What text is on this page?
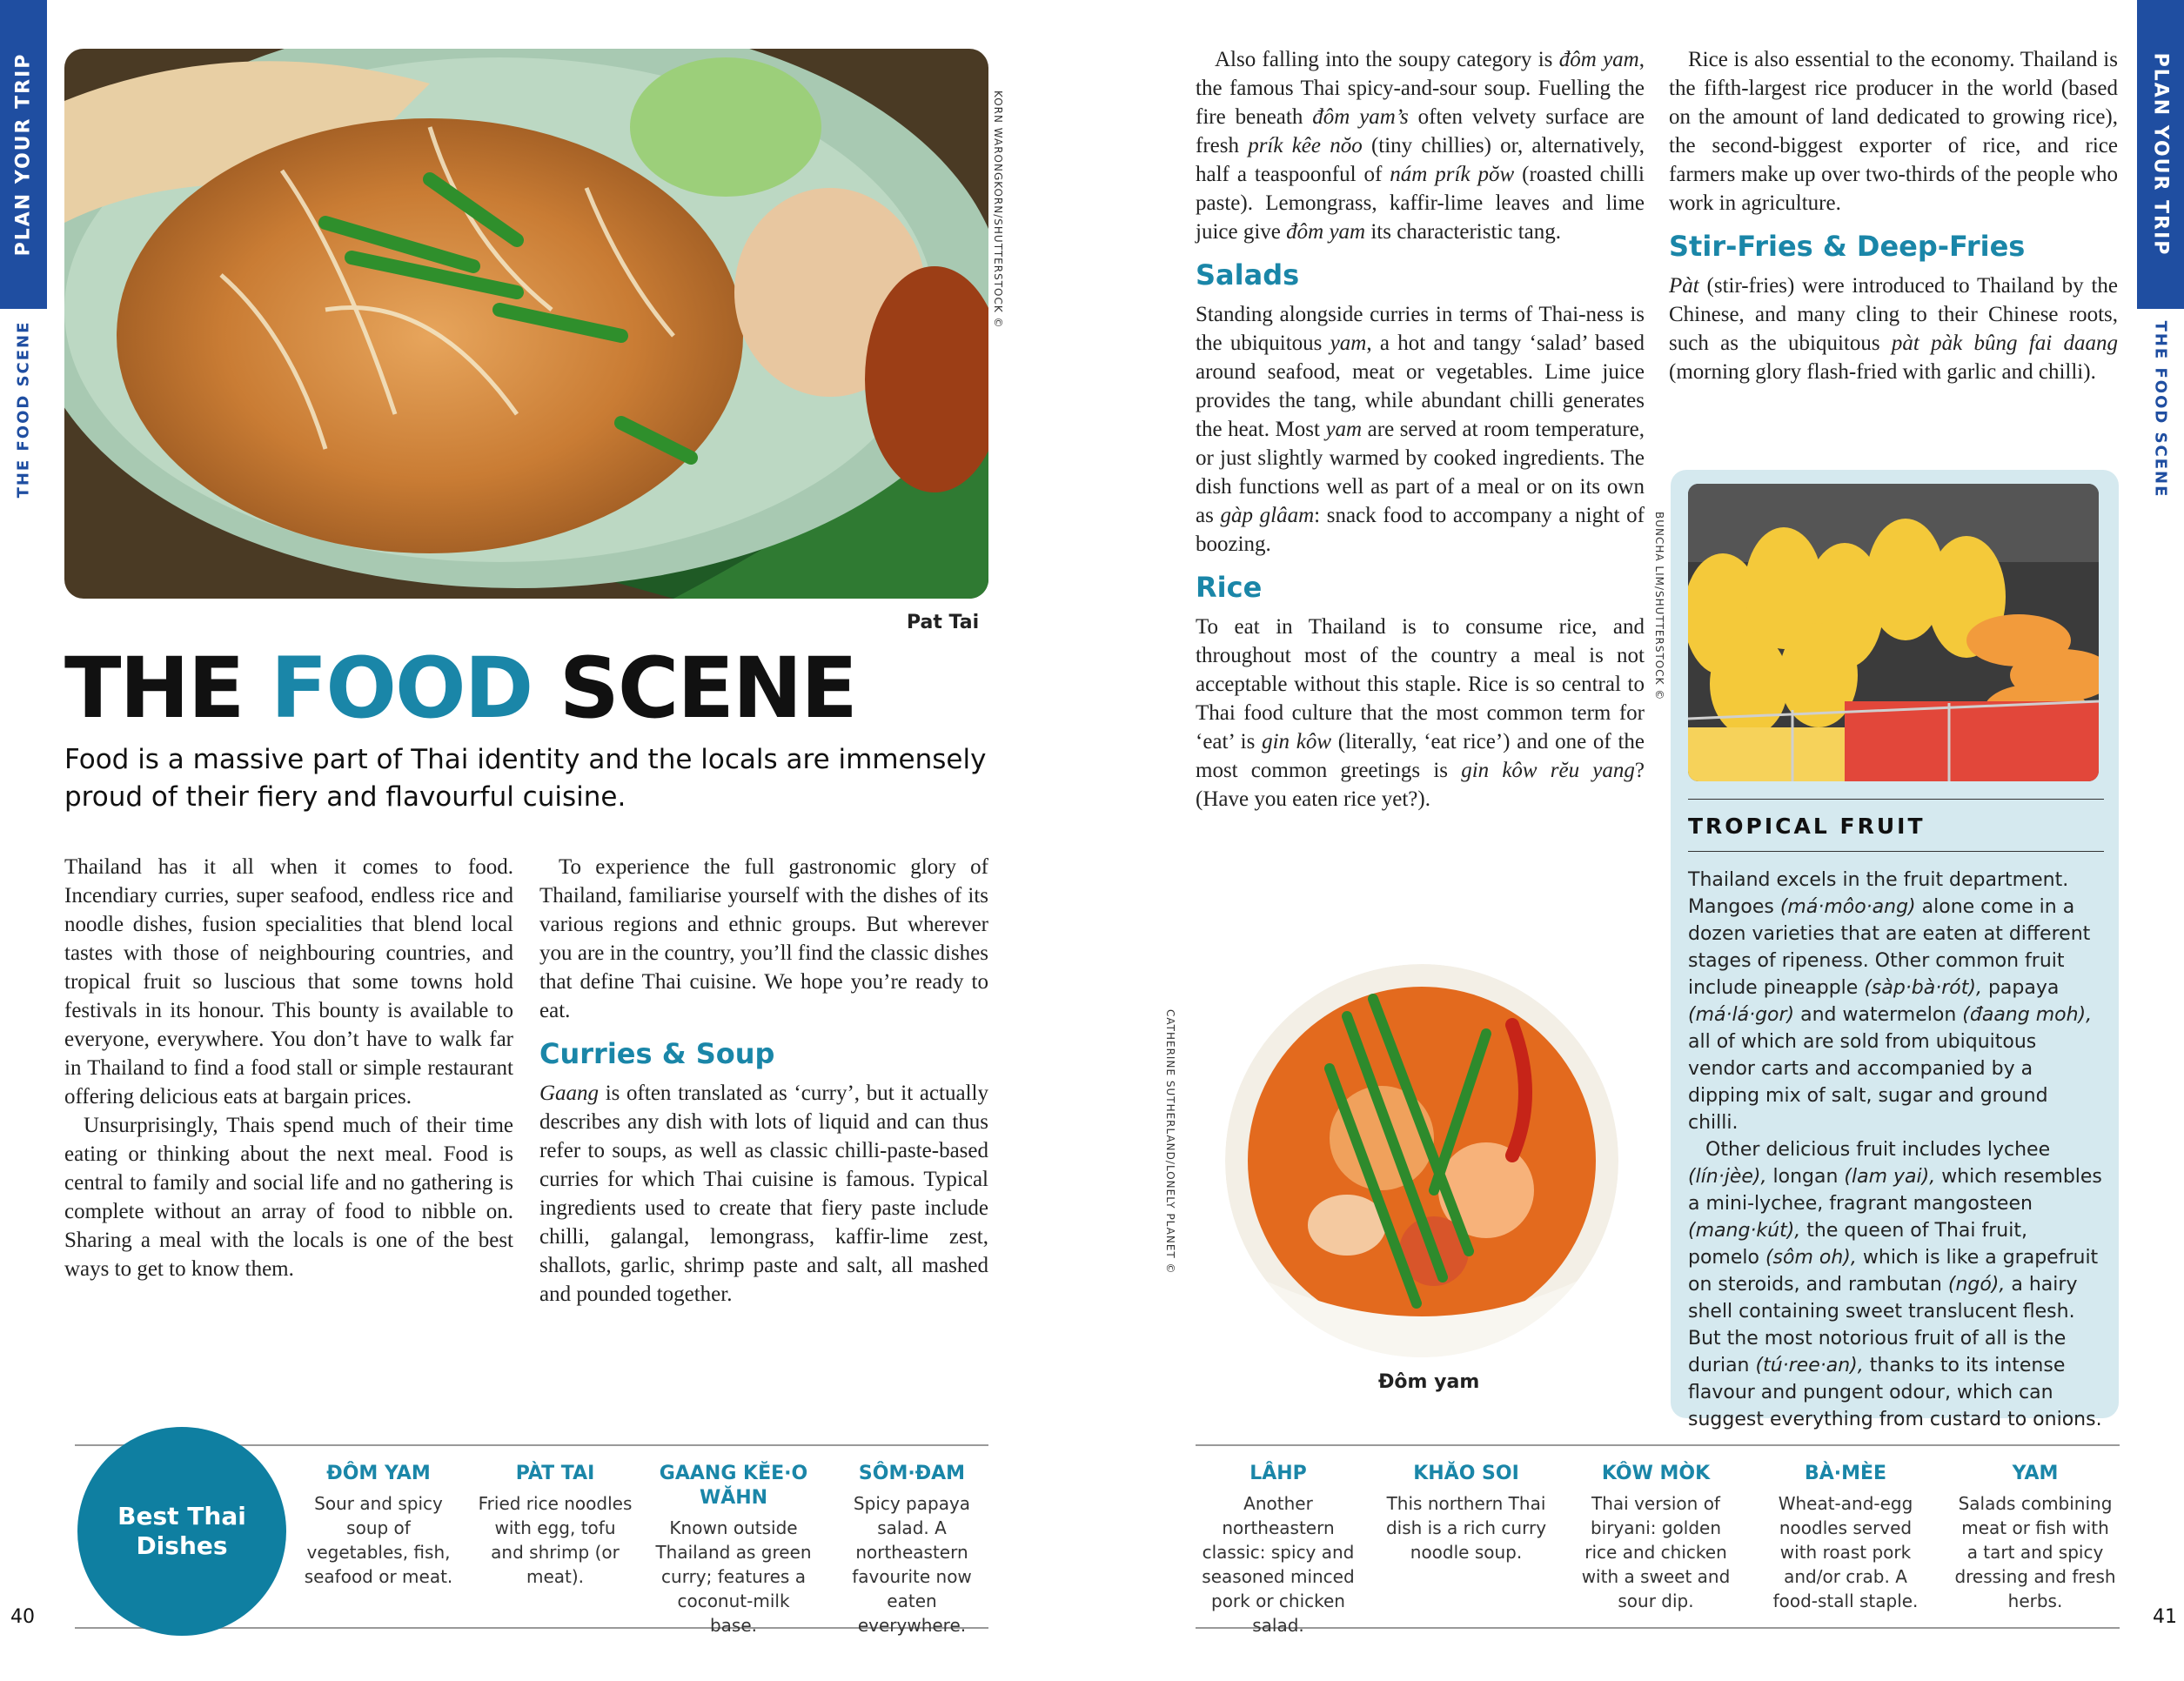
PLAN YOUR TRIP
THE FOOD SCENE
PLAN YOUR TRIP
THE FOOD SCENE
KORN WARONGKORN/SHUTTERSTOCK ©
Pat Tai
THE FOOD SCENE

Food is a massive part of Thai identity and the locals are immensely proud of their fiery and flavourful cuisine.

Thailand has it all when it comes to food. Incendiary curries, super seafood, endless rice and noodle dishes, fusion specialities that blend local tastes with those of neighbouring countries, and tropical fruit so luscious that some towns hold festivals in its honour. This bounty is available to everyone, everywhere. You don’t have to walk far in Thailand to find a food stall or simple restaurant offering delicious eats at bargain prices.

Unsurprisingly, Thais spend much of their time eating or thinking about the next meal. Food is central to family and social life and no gathering is complete without an array of food to nibble on. Sharing a meal with the locals is one of the best ways to get to know them.

To experience the full gastronomic glory of Thailand, familiarise yourself with the dishes of its various regions and ethnic groups. But wherever you are in the country, you’ll find the classic dishes that define Thai cuisine. We hope you’re ready to eat.

Curries & Soup

Gaang is often translated as ‘curry’, but it actually describes any dish with lots of liquid and can thus refer to soups, as well as classic chilli-paste-based curries for which Thai cuisine is famous. Typical ingredients used to create that fiery paste include chilli, galangal, lemongrass, kaffir-lime zest, shallots, garlic, shrimp paste and salt, all mashed and pounded together.

CATHERINE SUTHERLAND/LONELY PLANET ©
Đôm yam

Also falling into the soupy category is đôm yam, the famous Thai spicy-and-sour soup. Fuelling the fire beneath đôm yam’s often velvety surface are fresh prík kêe nŏo (tiny chillies) or, alternatively, half a teaspoonful of nám prík pŏw (roasted chilli paste). Lemongrass, kaffir-lime leaves and lime juice give đôm yam its characteristic tang.

Salads

Standing alongside curries in terms of Thai-ness is the ubiquitous yam, a hot and tangy ‘salad’ based around seafood, meat or vegetables. Lime juice provides the tang, while abundant chilli generates the heat. Most yam are served at room temperature, or just slightly warmed by cooked ingredients. The dish functions well as part of a meal or on its own as gàp glâam: snack food to accompany a night of boozing.

Rice

To eat in Thailand is to consume rice, and throughout most of the country a meal is not acceptable without this staple. Rice is so central to Thai food culture that the most common term for ‘eat’ is gin kôw (literally, ‘eat rice’) and one of the most common greetings is gin kôw rĕu yang? (Have you eaten rice yet?).

Rice is also essential to the economy. Thailand is the fifth-largest rice producer in the world (based on the amount of land dedicated to growing rice), the second-biggest exporter of rice, and rice farmers make up over two-thirds of the people who work in agriculture.

Stir-Fries & Deep-Fries

Pàt (stir-fries) were introduced to Thailand by the Chinese, and many cling to their Chinese roots, such as the ubiquitous pàt pàk bûng fai daang (morning glory flash-fried with garlic and chilli).

BUNCHA LIM/SHUTTERSTOCK ©
TROPICAL FRUIT

Thailand excels in the fruit department. Mangoes (má·môo·ang) alone come in a dozen varieties that are eaten at different stages of ripeness. Other common fruit include pineapple (sàp·bà·rót), papaya (má·lá·gor) and watermelon (đaang moh), all of which are sold from ubiquitous vendor carts and accompanied by a dipping mix of salt, sugar and ground chilli.

Other delicious fruit includes lychee (lín·jèe), longan (lam yai), which resembles a mini-lychee, fragrant mangosteen (mang·kút), the queen of Thai fruit, pomelo (sôm oh), which is like a grapefruit on steroids, and rambutan (ngó), a hairy shell containing sweet translucent flesh. But the most notorious fruit of all is the durian (tú·ree·an), thanks to its intense flavour and pungent odour, which can suggest everything from custard to onions.

Best Thai
Dishes
ĐÔM YAM
Sour and spicy soup of vegetables, fish, seafood or meat.
PÀT TAI
Fried rice noodles with egg, tofu and shrimp (or meat).
GAANG KĔE·O WĂHN
Known outside Thailand as green curry; features a coconut-milk base.
SÔM·ĐAM
Spicy papaya salad. A northeastern favourite now eaten everywhere.
LÂHP
Another northeastern classic: spicy and seasoned minced pork or chicken salad.
KHĂO SOI
This northern Thai dish is a rich curry noodle soup.
KÔW MÒK
Thai version of biryani: golden rice and chicken with a sweet and sour dip.
BÀ·MÈE
Wheat-and-egg noodles served with roast pork and/or crab. A food-stall staple.
YAM
Salads combining meat or fish with a tart and spicy dressing and fresh herbs.
40	41
